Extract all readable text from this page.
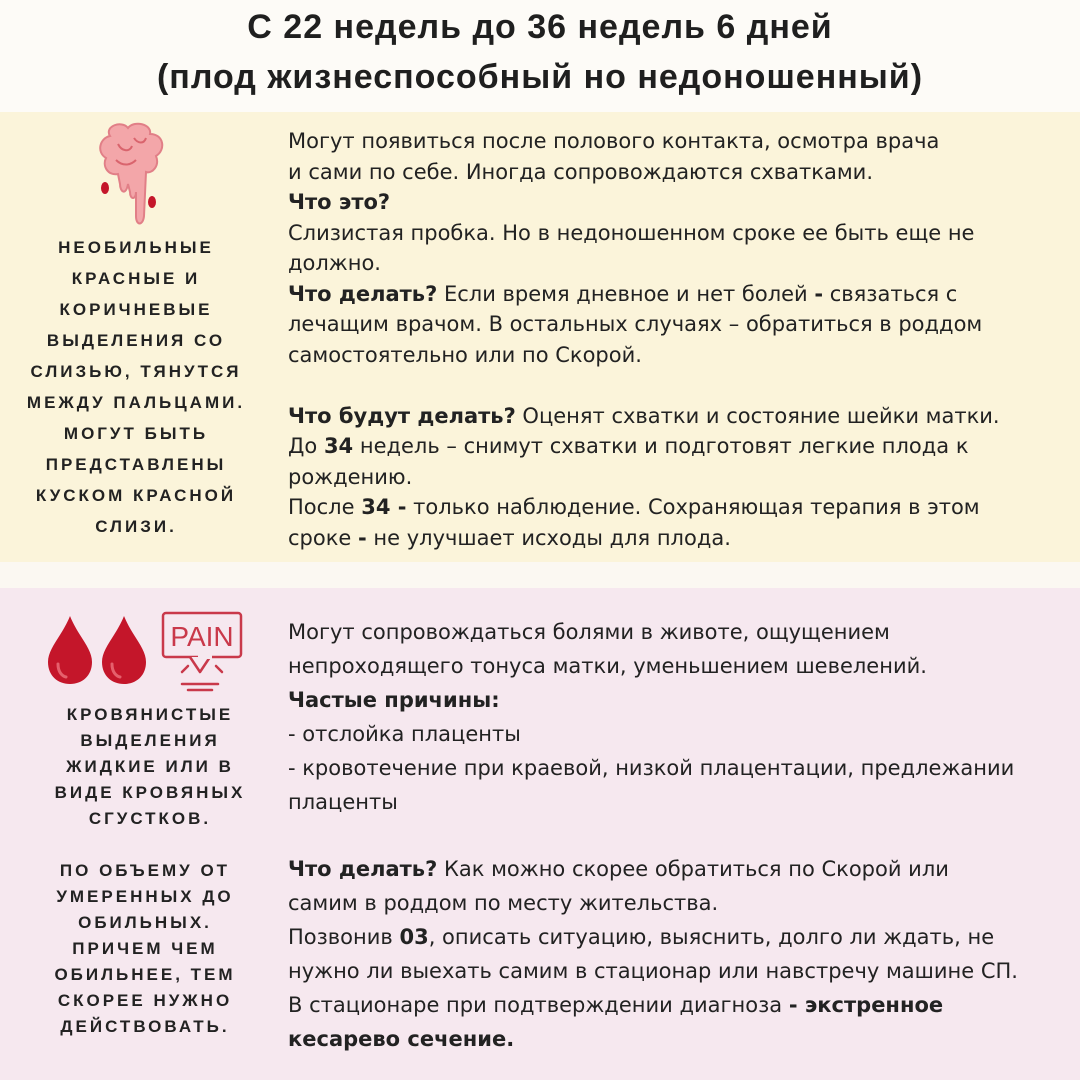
С 22 недель до 36 недель 6 дней
(плод жизнеспособный но недоношенный)
НЕОБИЛЬНЫЕ
КРАСНЫЕ И
КОРИЧНЕВЫЕ
ВЫДЕЛЕНИЯ СО
СЛИЗЬЮ, ТЯНУТСЯ
МЕЖДУ ПАЛЬЦАМИ.
МОГУТ БЫТЬ
ПРЕДСТАВЛЕНЫ
КУСКОМ КРАСНОЙ
СЛИЗИ.
Могут появиться после полового контакта, осмотра врача
и сами по себе. Иногда сопровождаются схватками.
Что это?
Слизистая пробка. Но в недоношенном сроке ее быть еще не
должно.
Что делать? Если время дневное и нет болей - связаться с
лечащим врачом. В остальных случаях – обратиться в роддом
самостоятельно или по Скорой.
Что будут делать? Оценят схватки и состояние шейки матки.
До 34 недель – снимут схватки и подготовят легкие плода к
рождению.
После 34 - только наблюдение. Сохраняющая терапия в этом
сроке - не улучшает исходы для плода.
PAIN
КРОВЯНИСТЫЕ
ВЫДЕЛЕНИЯ
ЖИДКИЕ ИЛИ В
ВИДЕ КРОВЯНЫХ
СГУСТКОВ.
ПО ОБЪЕМУ ОТ
УМЕРЕННЫХ ДО
ОБИЛЬНЫХ.
ПРИЧЕМ ЧЕМ
ОБИЛЬНЕЕ, ТЕМ
СКОРЕЕ НУЖНО
ДЕЙСТВОВАТЬ.
Могут сопровождаться болями в животе, ощущением
непроходящего тонуса матки, уменьшением шевелений.
Частые причины:
- отслойка плаценты
- кровотечение при краевой, низкой плацентации, предлежании
плаценты
Что делать? Как можно скорее обратиться по Скорой или
самим в роддом по месту жительства.
Позвонив 03, описать ситуацию, выяснить, долго ли ждать, не
нужно ли выехать самим в стационар или навстречу машине СП.
В стационаре при подтверждении диагноза - экстренное
кесарево сечение.
